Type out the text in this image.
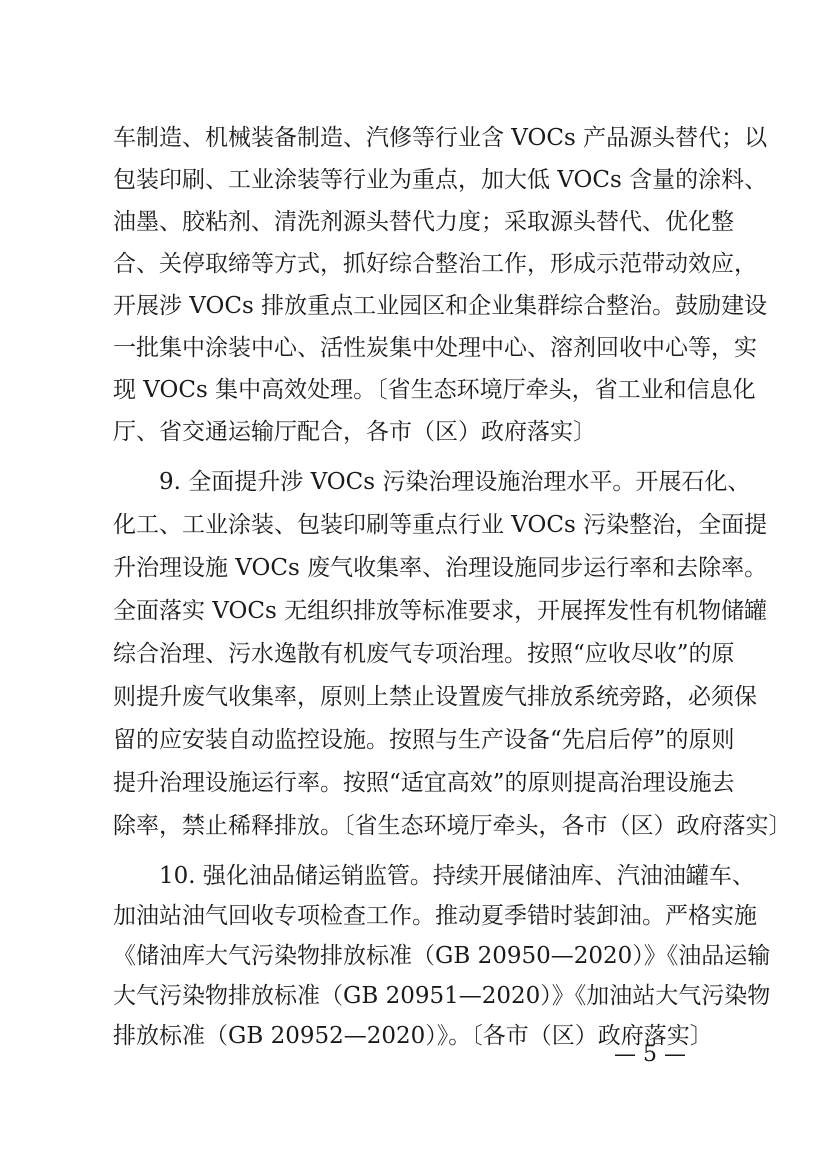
车制造、机械装备制造、汽修等行业含 VOCs 产品源头替代；以
包装印刷、工业涂装等行业为重点，加大低 VOCs 含量的涂料、
油墨、胶粘剂、清洗剂源头替代力度；采取源头替代、优化整
合、关停取缔等方式，抓好综合整治工作，形成示范带动效应，
开展涉 VOCs 排放重点工业园区和企业集群综合整治。鼓励建设
一批集中涂装中心、活性炭集中处理中心、溶剂回收中心等，实
现 VOCs 集中高效处理。〔省生态环境厅牵头，省工业和信息化
厅、省交通运输厅配合，各市（区）政府落实〕
9. 全面提升涉 VOCs 污染治理设施治理水平。开展石化、
化工、工业涂装、包装印刷等重点行业 VOCs 污染整治，全面提
升治理设施 VOCs 废气收集率、治理设施同步运行率和去除率。
全面落实 VOCs 无组织排放等标准要求，开展挥发性有机物储罐
综合治理、污水逸散有机废气专项治理。按照“应收尽收”的原
则提升废气收集率，原则上禁止设置废气排放系统旁路，必须保
留的应安装自动监控设施。按照与生产设备“先启后停”的原则
提升治理设施运行率。按照“适宜高效”的原则提高治理设施去
除率，禁止稀释排放。〔省生态环境厅牵头，各市（区）政府落实〕
10. 强化油品储运销监管。持续开展储油库、汽油油罐车、
加油站油气回收专项检查工作。推动夏季错时装卸油。严格实施
《储油库大气污染物排放标准（GB 20950—2020）》《油品运输
大气污染物排放标准（GB 20951—2020）》《加油站大气污染物
排放标准（GB 20952—2020）》。〔各市（区）政府落实〕
— 5 —
